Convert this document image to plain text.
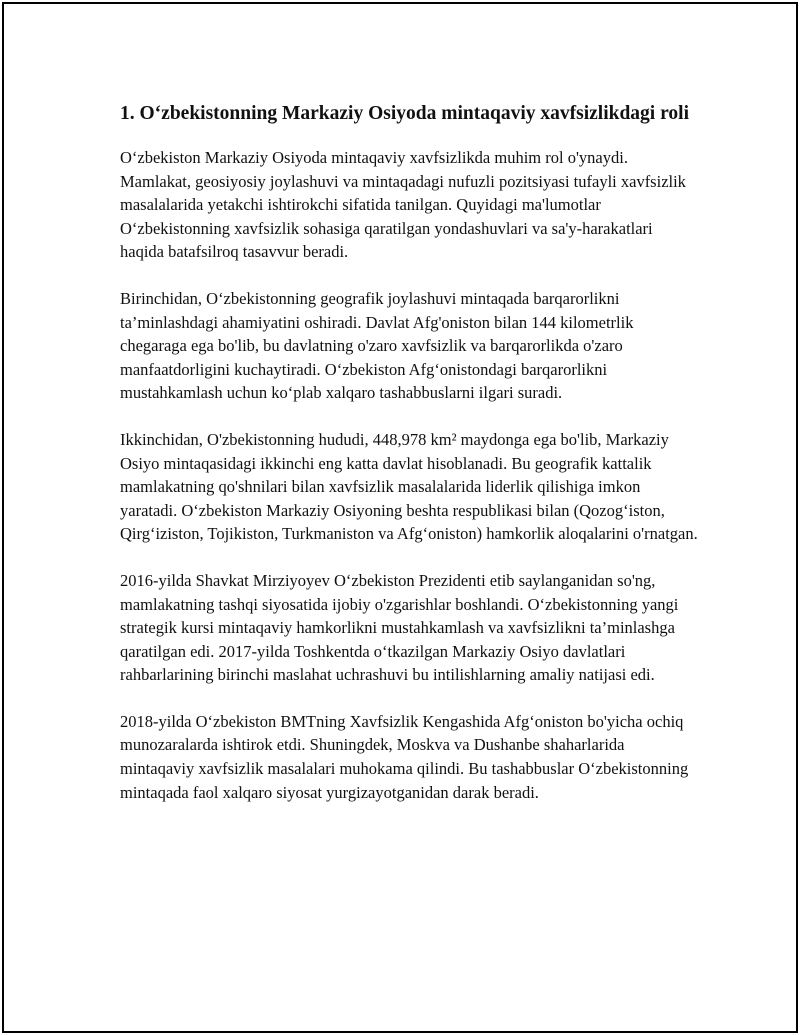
1. O‘zbekistonning Markaziy Osiyoda mintaqaviy xavfsizlikdagi roli

O‘zbekiston Markaziy Osiyoda mintaqaviy xavfsizlikda muhim rol o'ynaydi. Mamlakat, geosiyosiy joylashuvi va mintaqadagi nufuzli pozitsiyasi tufayli xavfsizlik masalalarida yetakchi ishtirokchi sifatida tanilgan. Quyidagi ma'lumotlar O‘zbekistonning xavfsizlik sohasiga qaratilgan yondashuvlari va sa'y-harakatlari haqida batafsilroq tasavvur beradi.

Birinchidan, O‘zbekistonning geografik joylashuvi mintaqada barqarorlikni ta’minlashdagi ahamiyatini oshiradi. Davlat Afg'oniston bilan 144 kilometrlik chegaraga ega bo'lib, bu davlatning o'zaro xavfsizlik va barqarorlikda o'zaro manfaatdorligini kuchaytiradi. O‘zbekiston Afg‘onistondagi barqarorlikni mustahkamlash uchun ko‘plab xalqaro tashabbuslarni ilgari suradi.

Ikkinchidan, O'zbekistonning hududi, 448,978 km² maydonga ega bo'lib, Markaziy Osiyo mintaqasidagi ikkinchi eng katta davlat hisoblanadi. Bu geografik kattalik mamlakatning qo'shnilari bilan xavfsizlik masalalarida liderlik qilishiga imkon yaratadi. O‘zbekiston Markaziy Osiyoning beshta respublikasi bilan (Qozog‘iston, Qirg‘iziston, Tojikiston, Turkmaniston va Afg‘oniston) hamkorlik aloqalarini o'rnatgan.

2016-yilda Shavkat Mirziyoyev O‘zbekiston Prezidenti etib saylanganidan so'ng, mamlakatning tashqi siyosatida ijobiy o'zgarishlar boshlandi. O‘zbekistonning yangi strategik kursi mintaqaviy hamkorlikni mustahkamlash va xavfsizlikni ta’minlashga qaratilgan edi. 2017-yilda Toshkentda o‘tkazilgan Markaziy Osiyo davlatlari rahbarlarining birinchi maslahat uchrashuvi bu intilishlarning amaliy natijasi edi.

2018-yilda O‘zbekiston BMTning Xavfsizlik Kengashida Afg‘oniston bo'yicha ochiq munozaralarda ishtirok etdi. Shuningdek, Moskva va Dushanbe shaharlarida mintaqaviy xavfsizlik masalalari muhokama qilindi. Bu tashabbuslar O‘zbekistonning mintaqada faol xalqaro siyosat yurgizayotganidan darak beradi.
